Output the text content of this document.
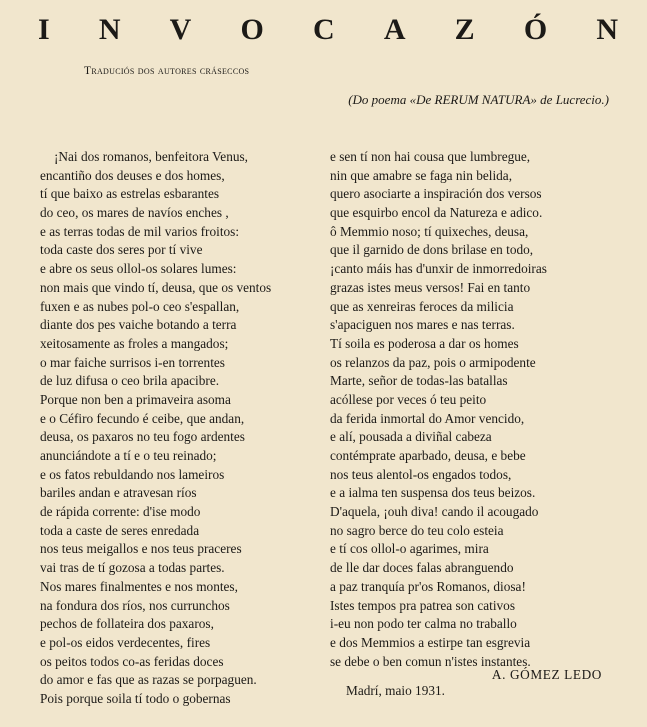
I N V O C A Z Ó N
Traduciós dos autores cráseccos
(Do poema «De RERUM NATURA» de Lucrecio.)
¡Nai dos romanos, benfeitora Venus,
encantiño dos deuses e dos homes,
tí que baixo as estrelas esbarantes
do ceo, os mares de navíos enches ,
e as terras todas de mil varios froitos:
toda caste dos seres por tí vive
e abre os seus ollol-os solares lumes:
non mais que vindo tí, deusa, que os ventos
fuxen e as nubes pol-o ceo s'espallan,
diante dos pes vaiche botando a terra
xeitosamente as froles a mangados;
o mar faiche surrisos i-en torrentes
de luz difusa o ceo brila apacibre.
Porque non ben a primaveira asoma
e o Céfiro fecundo é ceibe, que andan,
deusa, os paxaros no teu fogo ardentes
anunciándote a tí e o teu reinado;
e os fatos rebuldando nos lameiros
bariles andan e atravesan ríos
de rápida corrente: d'ise modo
toda a caste de seres enredada
nos teus meigallos e nos teus praceres
vai tras de tí gozosa a todas partes.
Nos mares finalmentes e nos montes,
na fondura dos ríos, nos currunchos
pechos de follateira dos paxaros,
e pol-os eidos verdecentes, fires
os peitos todos co-as feridas doces
do amor e fas que as razas se porpaguen.
Pois porque soila tí todo o gobernas
e sen tí non hai cousa que lumbregue,
nin que amabre se faga nin belida,
quero asociarte a inspiración dos versos
que esquirbo encol da Natureza e adico.
ô Memmio noso; tí quixeches, deusa,
que il garnido de dons brilase en todo,
¡canto máis has d'unxir de inmorredoiras
grazas istes meus versos! Fai en tanto
que as xenreiras feroces da milicia
s'apaciguen nos mares e nas terras.
Tí soila es poderosa a dar os homes
os relanzos da paz, pois o armipodente
Marte, señor de todas-las batallas
acóllese por veces ó teu peito
da ferida inmortal do Amor vencido,
e alí, pousada a diviñal cabeza
contémprate aparbado, deusa, e bebe
nos teus alentol-os engados todos,
e a ialma ten suspensa dos teus beizos.
D'aquela, ¡ouh diva! cando il acougado
no sagro berce do teu colo esteia
e tí cos ollol-o agarimes, mira
de lle dar doces falas abranguendo
a paz tranquía pr'os Romanos, diosa!
Istes tempos pra patrea son cativos
i-eu non podo ter calma no traballo
e dos Memmios a estirpe tan esgrevia
se debe o ben comun n'istes instantes.
A. GÓMEZ LEDO
Madrí, maio 1931.
